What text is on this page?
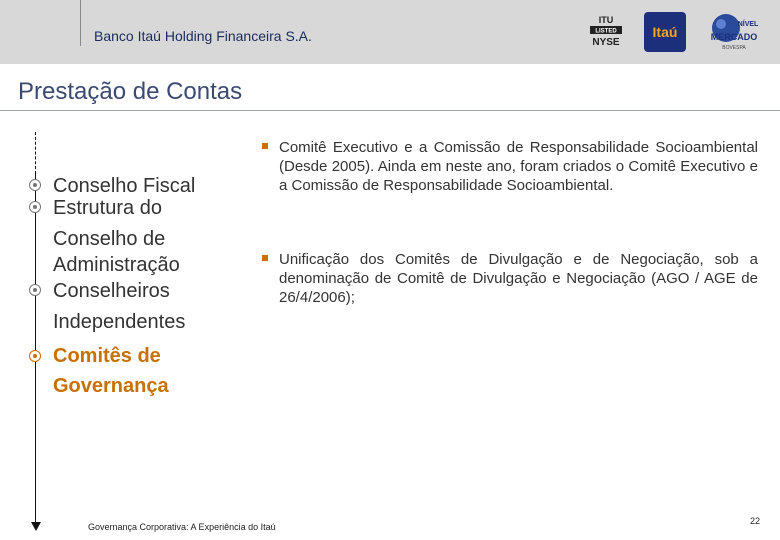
Banco Itaú Holding Financeira S.A.
ITU
LISTED
NYSE
Itaú	NÍVEL
MERCADO
BOVESPA
Prestação de Contas
Conselho Fiscal
Estrutura do
Conselho de
Administração
Conselheiros
Independentes
Comitês de
Governança
Comitê Executivo e a Comissão de Responsabilidade Socioambiental (Desde 2005). Ainda em neste ano, foram criados o Comitê Executivo e a Comissão de Responsabilidade Socioambiental.
Unificação dos Comitês de Divulgação e de Negociação, sob a denominação de Comitê de Divulgação e Negociação (AGO / AGE de 26/4/2006);
Governança Corporativa: A Experiência do Itaú
22
